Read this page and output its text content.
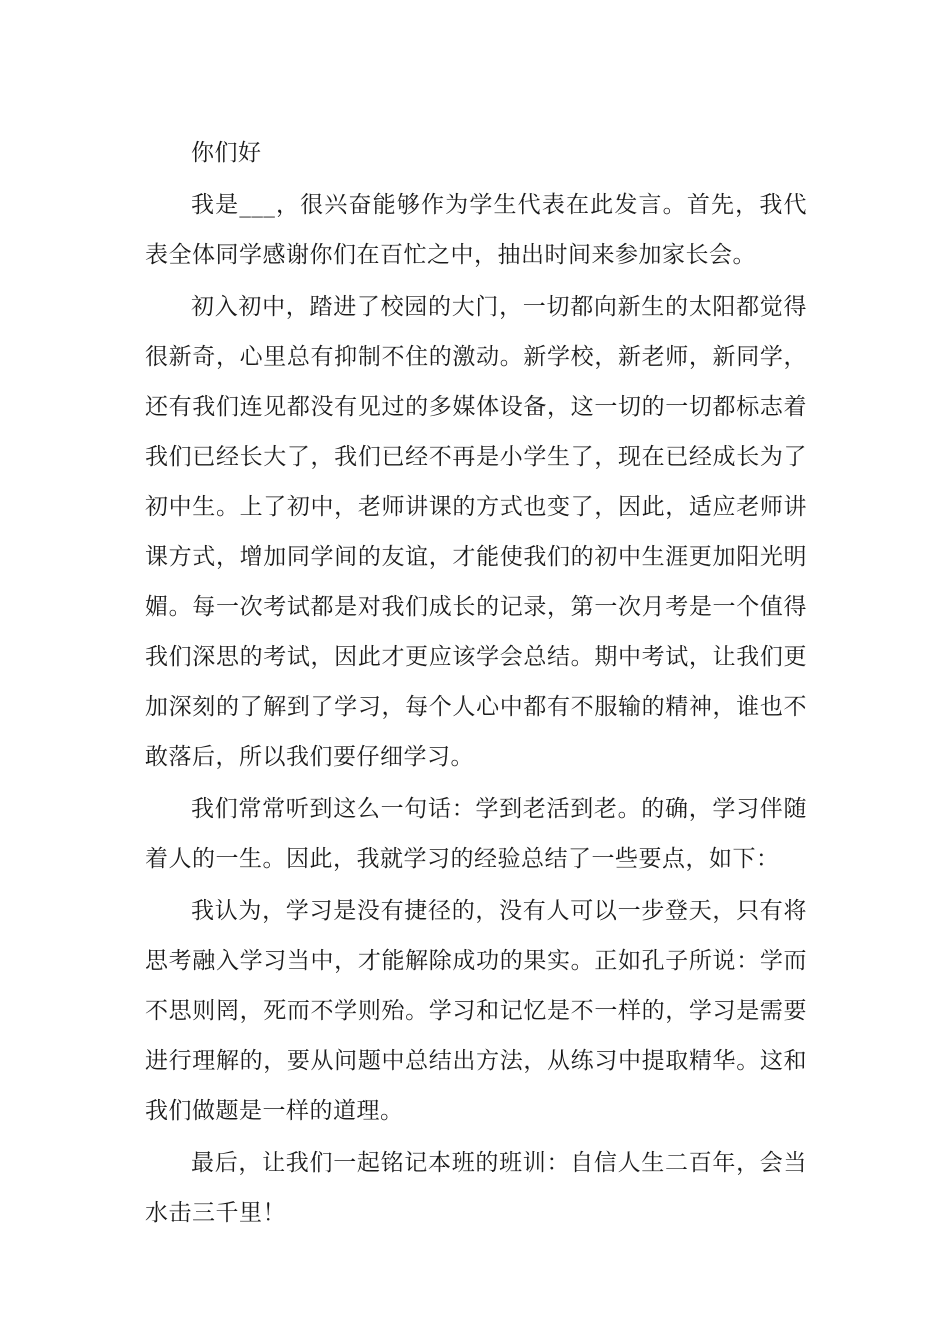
你们好

我是___，很兴奋能够作为学生代表在此发言。首先，我代表全体同学感谢你们在百忙之中，抽出时间来参加家长会。

初入初中，踏进了校园的大门，一切都向新生的太阳都觉得很新奇，心里总有抑制不住的激动。新学校，新老师，新同学，还有我们连见都没有见过的多媒体设备，这一切的一切都标志着我们已经长大了，我们已经不再是小学生了，现在已经成长为了初中生。上了初中，老师讲课的方式也变了，因此，适应老师讲课方式，增加同学间的友谊，才能使我们的初中生涯更加阳光明媚。每一次考试都是对我们成长的记录，第一次月考是一个值得我们深思的考试，因此才更应该学会总结。期中考试，让我们更加深刻的了解到了学习，每个人心中都有不服输的精神，谁也不敢落后，所以我们要仔细学习。

我们常常听到这么一句话：学到老活到老。的确，学习伴随着人的一生。因此，我就学习的经验总结了一些要点，如下：

我认为，学习是没有捷径的，没有人可以一步登天，只有将思考融入学习当中，才能解除成功的果实。正如孔子所说：学而不思则罔，死而不学则殆。学习和记忆是不一样的，学习是需要进行理解的，要从问题中总结出方法，从练习中提取精华。这和我们做题是一样的道理。

最后，让我们一起铭记本班的班训：自信人生二百年，会当水击三千里！
